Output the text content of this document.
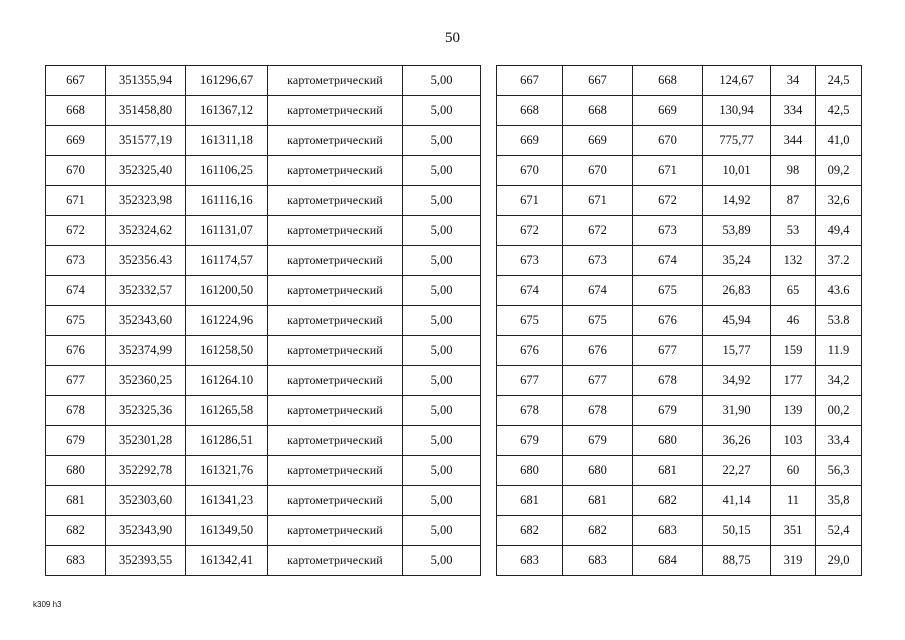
50
667	351355,94	161296,67	картометрический	5,00
668	351458,80	161367,12	картометрический	5,00
669	351577,19	161311,18	картометрический	5,00
670	352325,40	161106,25	картометрический	5,00
671	352323,98	161116,16	картометрический	5,00
672	352324,62	161131,07	картометрический	5,00
673	352356.43	161174,57	картометрический	5,00
674	352332,57	161200,50	картометрический	5,00
675	352343,60	161224,96	картометрический	5,00
676	352374,99	161258,50	картометрический	5,00
677	352360,25	161264.10	картометрический	5,00
678	352325,36	161265,58	картометрический	5,00
679	352301,28	161286,51	картометрический	5,00
680	352292,78	161321,76	картометрический	5,00
681	352303,60	161341,23	картометрический	5,00
682	352343,90	161349,50	картометрический	5,00
683	352393,55	161342,41	картометрический	5,00
667	667	668	124,67	34	24,5
668	668	669	130,94	334	42,5
669	669	670	775,77	344	41,0
670	670	671	10,01	98	09,2
671	671	672	14,92	87	32,6
672	672	673	53,89	53	49,4
673	673	674	35,24	132	37.2
674	674	675	26,83	65	43.6
675	675	676	45,94	46	53.8
676	676	677	15,77	159	11.9
677	677	678	34,92	177	34,2
678	678	679	31,90	139	00,2
679	679	680	36,26	103	33,4
680	680	681	22,27	60	56,3
681	681	682	41,14	11	35,8
682	682	683	50,15	351	52,4
683	683	684	88,75	319	29,0
k309 h3
